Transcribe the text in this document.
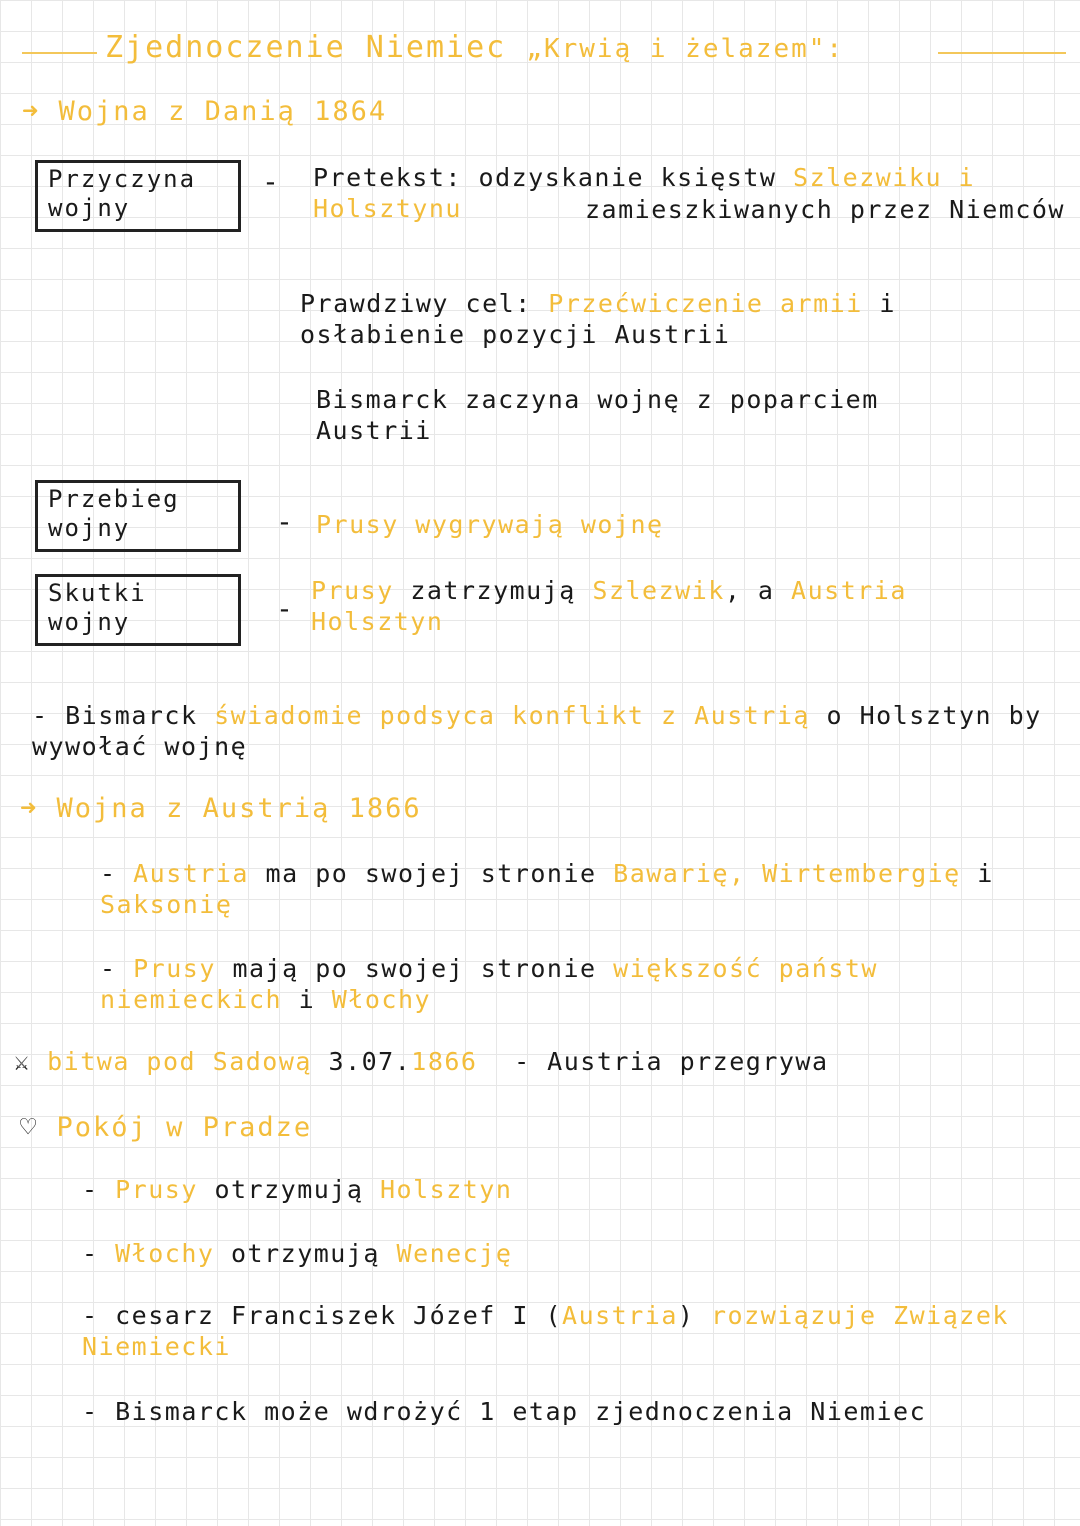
Zjednoczenie Niemiec „Krwią i żelazem":
➜ Wojna z Danią 1864
Przyczyna wojny
- Pretekst: odzyskanie księstw Szlezwiku i Holsztynu	zamieszkiwanych przez Niemców
Prawdziwy cel: Przećwiczenie armii i osłabienie pozycji Austrii
Bismarck zaczyna wojnę z poparciem Austrii
Przebieg wojny	- Prusy wygrywają wojnę
Skutki wojny	-
Prusy zatrzymują Szlezwik, a Austria Holsztyn
- Bismarck świadomie podsyca konflikt z Austrią o Holsztyn by wywołać wojnę
➜ Wojna z Austrią 1866
- Austria ma po swojej stronie Bawarię, Wirtembergię i Saksonię
- Prusy mają po swojej stronie większość państw niemieckich i Włochy
⚔ bitwa pod Sadową 3.07.1866 - Austria przegrywa
♡ Pokój w Pradze
- Prusy otrzymują Holsztyn
- Włochy otrzymują Wenecję
- cesarz Franciszek Józef I (Austria) rozwiązuje Związek Niemiecki
- Bismarck może wdrożyć 1 etap zjednoczenia Niemiec
